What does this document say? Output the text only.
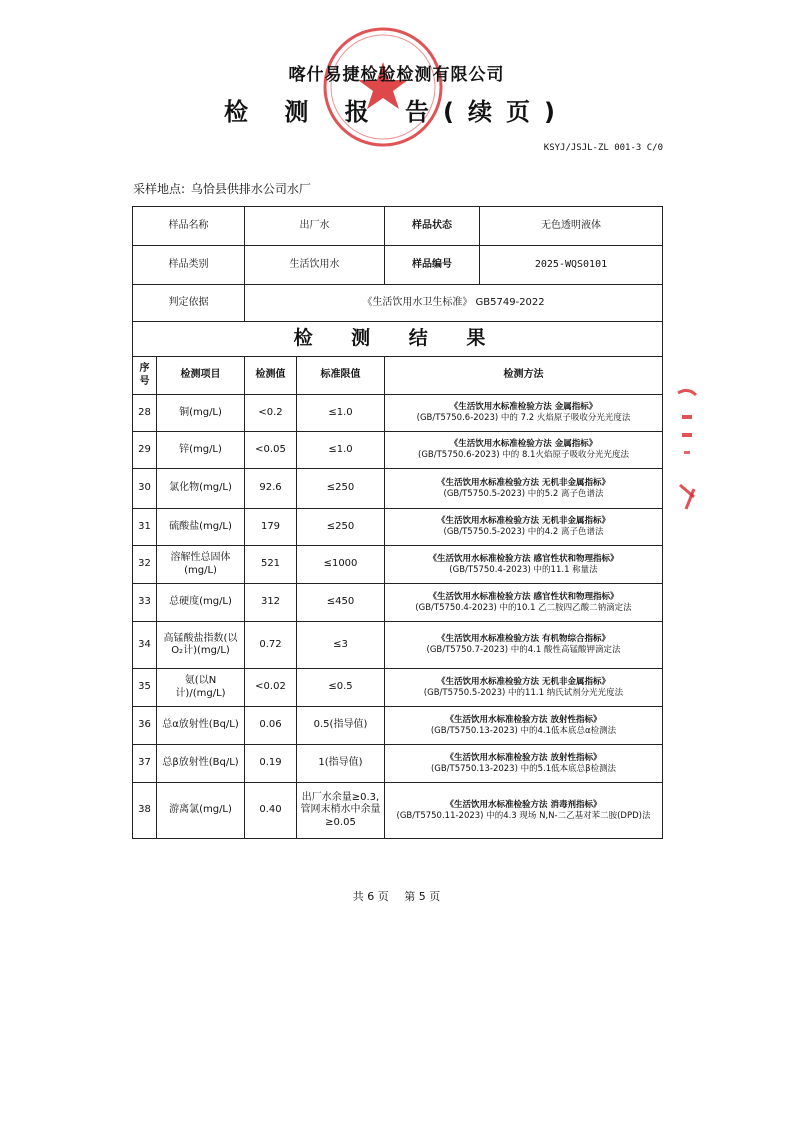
喀什易捷检验检测有限公司
检 测 报 告(续页)
KSYJ/JSJL-ZL 001-3 C/0
采样地点: 乌恰县供排水公司水厂
样品名称	出厂水		样品状态	无色透明液体

样品类别	生活饮用水		样品编号	2025-WQS0101

判定依据	《生活饮用水卫生标准》 GB5749-2022
检 测 结 果
序号	检测项目	检测值	标准限值	检测方法
28	铜(mg/L)	<0.2	≤1.0	《生活饮用水标准检验方法 金属指标》
(GB/T5750.6-2023) 中的 7.2 火焰原子吸收分光光度法
29	锌(mg/L)	<0.05	≤1.0	《生活饮用水标准检验方法 金属指标》
(GB/T5750.6-2023) 中的 8.1火焰原子吸收分光光度法
30	氯化物(mg/L)	92.6	≤250	《生活饮用水标准检验方法 无机非金属指标》
(GB/T5750.5-2023) 中的5.2 离子色谱法
31	硫酸盐(mg/L)	179	≤250	《生活饮用水标准检验方法 无机非金属指标》
(GB/T5750.5-2023) 中的4.2 离子色谱法
32	溶解性总固体(mg/L)	521	≤1000	《生活饮用水标准检验方法 感官性状和物理指标》
(GB/T5750.4-2023) 中的11.1 称量法
33	总硬度(mg/L)	312	≤450	《生活饮用水标准检验方法 感官性状和物理指标》
(GB/T5750.4-2023) 中的10.1 乙二胺四乙酸二钠滴定法
34	高锰酸盐指数(以O₂计)(mg/L)	0.72	≤3	《生活饮用水标准检验方法 有机物综合指标》
(GB/T5750.7-2023) 中的4.1 酸性高锰酸钾滴定法
35	氨(以N计)/(mg/L)	<0.02	≤0.5	《生活饮用水标准检验方法 无机非金属指标》
(GB/T5750.5-2023) 中的11.1 纳氏试剂分光光度法
36	总α放射性(Bq/L)	0.06	0.5(指导值)	《生活饮用水标准检验方法 放射性指标》
(GB/T5750.13-2023) 中的4.1低本底总α检测法
37	总β放射性(Bq/L)	0.19	1(指导值)	《生活饮用水标准检验方法 放射性指标》
(GB/T5750.13-2023) 中的5.1低本底总β检测法
38	游离氯(mg/L)	0.40	出厂水余量≥0.3,管网末梢水中余量≥0.05	《生活饮用水标准检验方法 消毒剂指标》
(GB/T5750.11-2023) 中的4.3 现场 N,N-二乙基对苯二胺(DPD)法
共 6 页 第 5 页
